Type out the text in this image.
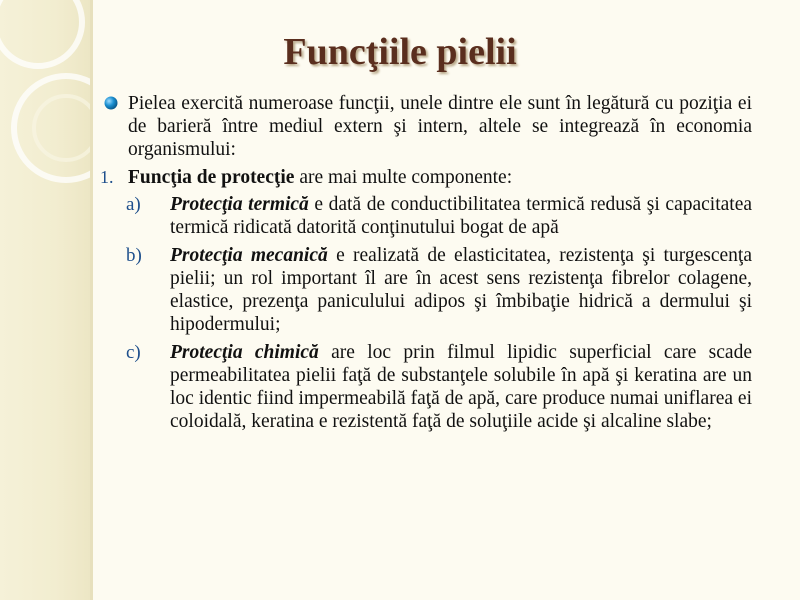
Funcţiile pielii
Pielea exercită numeroase funcţii, unele dintre ele sunt în legătură cu poziţia ei de barieră între mediul extern şi intern, altele se integrează în economia organismului:
1. Funcţia de protecţie are mai multe componente:
a) Protecţia termică e dată de conductibilitatea termică redusă şi capacitatea termică ridicată datorită conţinutului bogat de apă
b) Protecţia mecanică e realizată de elasticitatea, rezistenţa şi turgescenţa pielii; un rol important îl are în acest sens rezistenţa fibrelor colagene, elastice, prezenţa paniculului adipos şi îmbibaţie hidrică a dermului şi hipodermului;
c) Protecţia chimică are loc prin filmul lipidic superficial care scade permeabilitatea pielii faţă de substanţele solubile în apă şi keratina are un loc identic fiind impermeabilă faţă de apă, care produce numai uniflarea ei coloidală, keratina e rezistentă faţă de soluţiile acide şi alcaline slabe;
